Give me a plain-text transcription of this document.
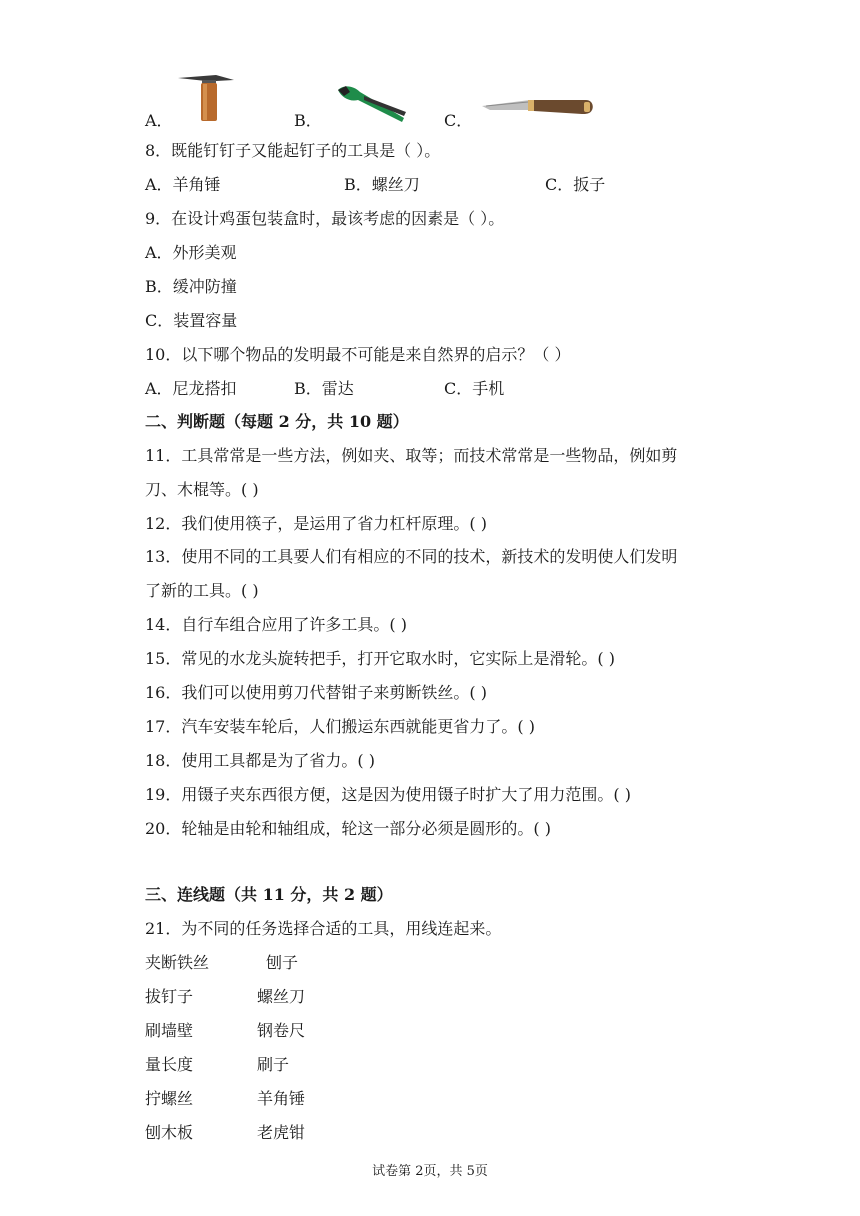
A．	B．	C．
8．既能钉钉子又能起钉子的工具是（ ）。
A．羊角锤	B．螺丝刀	C．扳子
9．在设计鸡蛋包装盒时，最该考虑的因素是（ ）。
A．外形美观
B．缓冲防撞
C．装置容量
10．以下哪个物品的发明最不可能是来自然界的启示？（ ）
A．尼龙搭扣	B．雷达	C．手机
二、判断题（每题 2 分，共 10 题）
11．工具常常是一些方法，例如夹、取等；而技术常常是一些物品，例如剪
刀、木棍等。( )
12．我们使用筷子，是运用了省力杠杆原理。( )
13．使用不同的工具要人们有相应的不同的技术，新技术的发明使人们发明
了新的工具。( )
14．自行车组合应用了许多工具。( )
15．常见的水龙头旋转把手，打开它取水时，它实际上是滑轮。( )
16．我们可以使用剪刀代替钳子来剪断铁丝。( )
17．汽车安装车轮后，人们搬运东西就能更省力了。( )
18．使用工具都是为了省力。( )
19．用镊子夹东西很方便，这是因为使用镊子时扩大了用力范围。( )
20．轮轴是由轮和轴组成，轮这一部分必须是圆形的。( )
三、连线题（共 11 分，共 2 题）
21．为不同的任务选择合适的工具，用线连起来。
夹断铁丝	刨子
拔钉子	螺丝刀
刷墙壁	钢卷尺
量长度	刷子
拧螺丝	羊角锤
刨木板	老虎钳
试卷第 2页，共 5页
